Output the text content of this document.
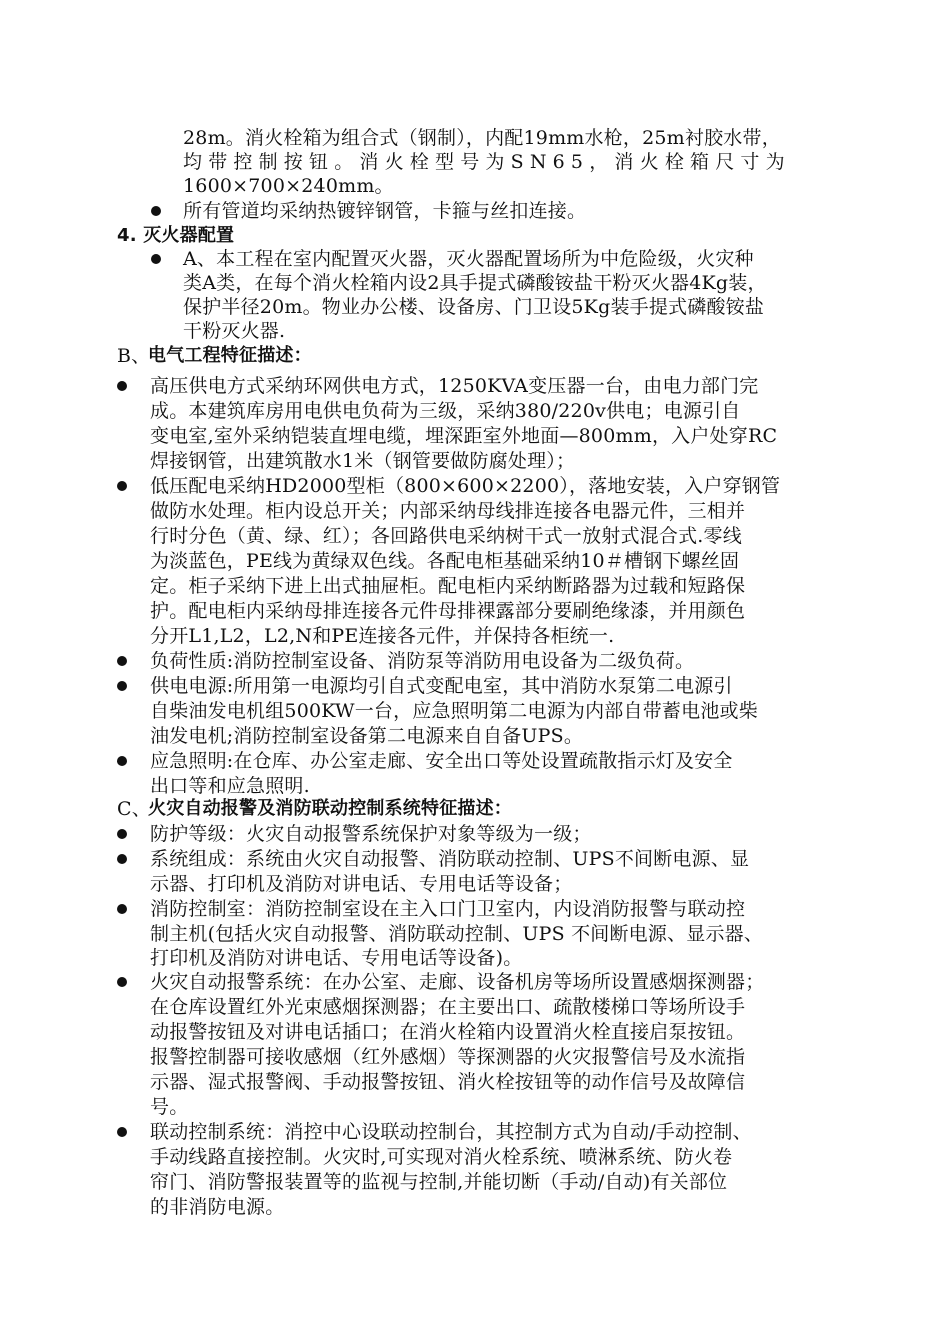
28m。消火栓箱为组合式（钢制），内配19mm水枪，25m衬胶水带，
均带控制按钮。消火栓型号为SN65，消火栓箱尺寸为
1600×700×240mm。
所有管道均采纳热镀锌钢管，卡箍与丝扣连接。
4. 灭火器配置
A、本工程在室内配置灭火器，灭火器配置场所为中危险级，火灾种
类A类，在每个消火栓箱内设2具手提式磷酸铵盐干粉灭火器4Kg装，
保护半径20m。物业办公楼、设备房、门卫设5Kg装手提式磷酸铵盐
干粉灭火器.
B、
电气工程特征描述：
高压供电方式采纳环网供电方式，1250KVA变压器一台，由电力部门完
成。本建筑库房用电供电负荷为三级，采纳380/220v供电；电源引自
变电室,室外采纳铠装直埋电缆，埋深距室外地面—800mm，入户处穿RC
焊接钢管，出建筑散水1米（钢管要做防腐处理）；
低压配电采纳HD2000型柜（800×600×2200），落地安装，入户穿钢管
做防水处理。柜内设总开关；内部采纳母线排连接各电器元件，三相并
行时分色（黄、绿、红）；各回路供电采纳树干式一放射式混合式.零线
为淡蓝色，PE线为黄绿双色线。各配电柜基础采纳10＃槽钢下螺丝固
定。柜子采纳下进上出式抽屉柜。配电柜内采纳断路器为过载和短路保
护。配电柜内采纳母排连接各元件母排裸露部分要刷绝缘漆，并用颜色
分开L1,L2，L2,N和PE连接各元件，并保持各柜统一.
负荷性质:消防控制室设备、消防泵等消防用电设备为二级负荷。
供电电源:所用第一电源均引自式变配电室，其中消防水泵第二电源引
自柴油发电机组500KW一台，应急照明第二电源为内部自带蓄电池或柴
油发电机;消防控制室设备第二电源来自自备UPS。
应急照明:在仓库、办公室走廊、安全出口等处设置疏散指示灯及安全
出口等和应急照明.
C、
火灾自动报警及消防联动控制系统特征描述：
防护等级：火灾自动报警系统保护对象等级为一级；
系统组成：系统由火灾自动报警、消防联动控制、UPS不间断电源、显
示器、打印机及消防对讲电话、专用电话等设备；
消防控制室：消防控制室设在主入口门卫室内，内设消防报警与联动控
制主机(包括火灾自动报警、消防联动控制、UPS 不间断电源、显示器、
打印机及消防对讲电话、专用电话等设备)。
火灾自动报警系统：在办公室、走廊、设备机房等场所设置感烟探测器；
在仓库设置红外光束感烟探测器；在主要出口、疏散楼梯口等场所设手
动报警按钮及对讲电话插口；在消火栓箱内设置消火栓直接启泵按钮。
报警控制器可接收感烟（红外感烟）等探测器的火灾报警信号及水流指
示器、湿式报警阀、手动报警按钮、消火栓按钮等的动作信号及故障信
号。
联动控制系统：消控中心设联动控制台，其控制方式为自动/手动控制、
手动线路直接控制。火灾时,可实现对消火栓系统、喷淋系统、防火卷
帘门、消防警报装置等的监视与控制,并能切断（手动/自动)有关部位
的非消防电源。
